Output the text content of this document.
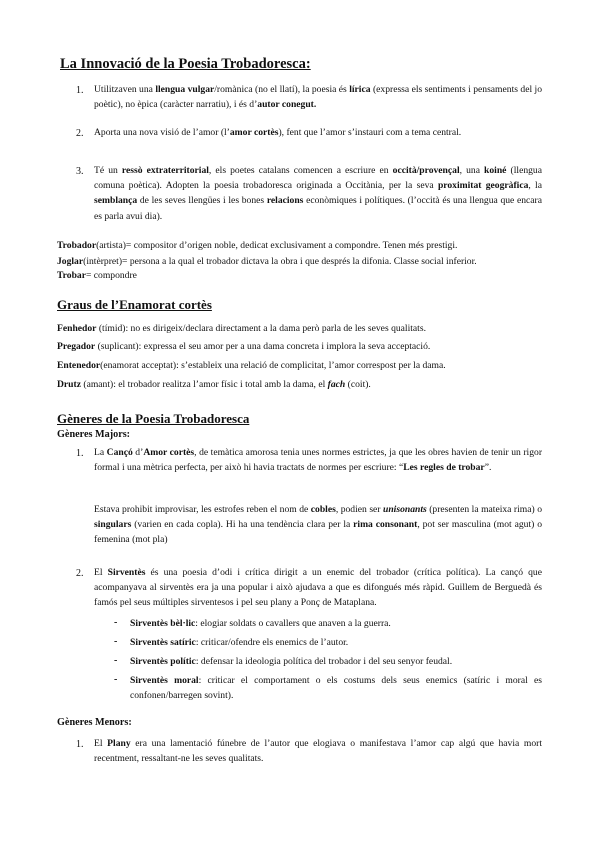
La Innovació de la Poesia Trobadoresca:
1. Utilitzaven una llengua vulgar/romànica (no el llatí), la poesia és lírica (expressa els sentiments i pensaments del jo poètic), no èpica (caràcter narratiu), i és d’autor conegut.
2. Aporta una nova visió de l’amor (l’amor cortès), fent que l’amor s’instauri com a tema central.
3. Té un ressò extraterritorial, els poetes catalans comencen a escriure en occità/provençal, una koiné (llengua comuna poètica). Adopten la poesia trobadoresca originada a Occitània, per la seva proximitat geogràfica, la semblança de les seves llengües i les bones relacions econòmiques i polítiques. (l’occità és una llengua que encara es parla avui dia).
Trobador(artista)= compositor d’origen noble, dedicat exclusivament a compondre. Tenen més prestigi.
Joglar(intèrpret)= persona a la qual el trobador dictava la obra i que després la difonia. Classe social inferior.
Trobar= compondre
Graus de l’Enamorat cortès
Fenhedor (tímid): no es dirigeix/declara directament a la dama però parla de les seves qualitats.
Pregador (suplicant): expressa el seu amor per a una dama concreta i implora la seva acceptació.
Entenedor(enamorat acceptat): s’estableix una relació de complicitat, l’amor correspost per la dama.
Drutz (amant): el trobador realitza l’amor físic i total amb la dama, el fach (coit).
Gèneres de la Poesia Trobadoresca
Gèneres Majors:
1. La Cançó d’Amor cortès, de temàtica amorosa tenia unes normes estrictes, ja que les obres havien de tenir un rigor formal i una mètrica perfecta, per això hi havia tractats de normes per escriure: “Les regles de trobar”.
Estava prohibit improvisar, les estrofes reben el nom de cobles, podien ser unisonants (presenten la mateixa rima) o singulars (varien en cada copla). Hi ha una tendència clara per la rima consonant, pot ser masculina (mot agut) o femenina (mot pla)
2. El Sirventès és una poesia d’odi i crítica dirigit a un enemic del trobador (crítica política). La cançó que acompanyava al sirventès era ja una popular i això ajudava a que es difongués més ràpid. Guillem de Berguedà és famós pel seus múltiples sirventesos i pel seu plany a Ponç de Mataplana.
- Sirventès bèl·lic: elogiar soldats o cavallers que anaven a la guerra.
- Sirventès satíric: criticar/ofendre els enemics de l’autor.
- Sirventès polític: defensar la ideologia política del trobador i del seu senyor feudal.
- Sirventès moral: criticar el comportament o els costums dels seus enemics (satíric i moral es confonen/barregen sovint).
Gèneres Menors:
1. El Plany era una lamentació fúnebre de l’autor que elogiava o manifestava l’amor cap algú que havia mort recentment, ressaltant-ne les seves qualitats.
